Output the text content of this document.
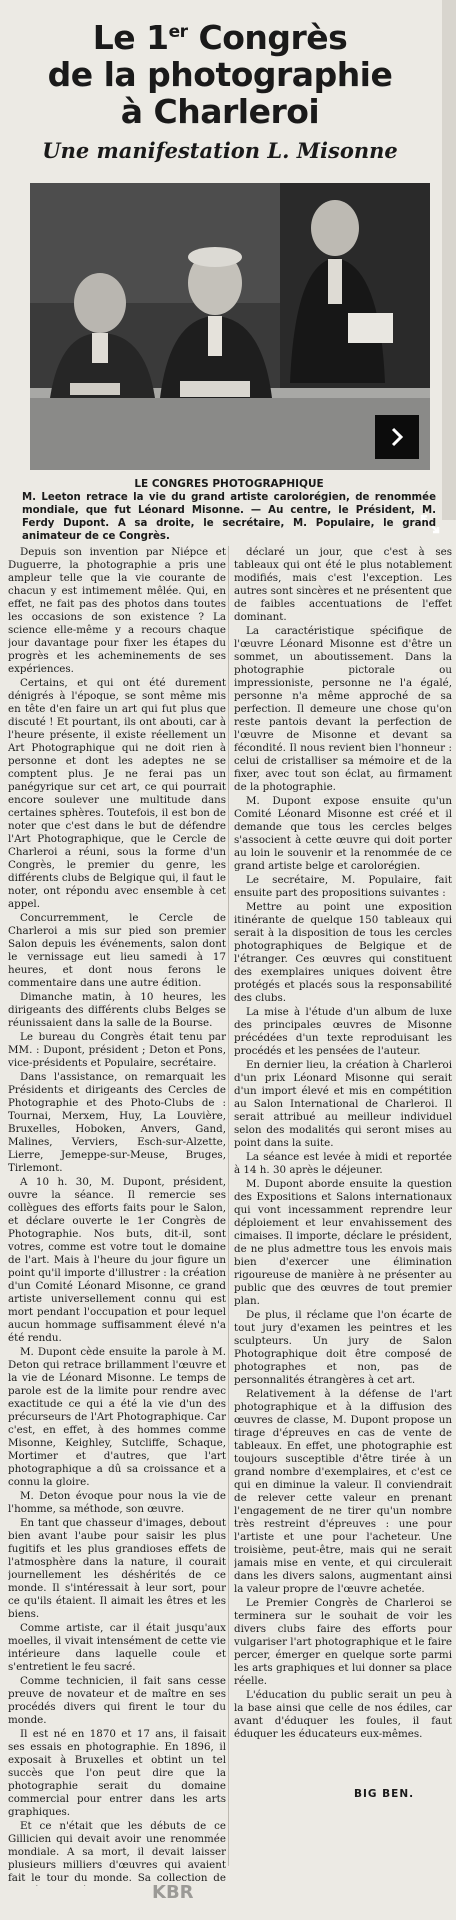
Le 1er Congrès
de la photographie
à Charleroi
Une manifestation L. Misonne
LE CONGRES PHOTOGRAPHIQUE
M. Leeton retrace la vie du grand artiste carolorégien, de renommée mondiale, que fut Léonard Misonne. — Au centre, le Président, M. Ferdy Dupont. A sa droite, le secrétaire, M. Populaire, le grand animateur de ce Congrès.

Depuis son invention par Niépce et Duguerre, la photographie a pris une ampleur telle que la vie courante de chacun y est intimement mêlée. Qui, en effet, ne fait pas des photos dans toutes les occasions de son existence ? La science elle-même y a recours chaque jour davantage pour fixer les étapes du progrès et les acheminements de ses expériences.

Certains, et qui ont été durement dénigrés à l'époque, se sont même mis en tête d'en faire un art qui fut plus que discuté ! Et pourtant, ils ont abouti, car à l'heure présente, il existe réellement un Art Photographique qui ne doit rien à personne et dont les adeptes ne se comptent plus. Je ne ferai pas un panégyrique sur cet art, ce qui pourrait encore soulever une multitude dans certaines sphères. Toutefois, il est bon de noter que c'est dans le but de défendre l'Art Photographique, que le Cercle de Charleroi a réuni, sous la forme d'un Congrès, le premier du genre, les différents clubs de Belgique qui, il faut le noter, ont répondu avec ensemble à cet appel.

Concurremment, le Cercle de Charleroi a mis sur pied son premier Salon depuis les événements, salon dont le vernissage eut lieu samedi à 17 heures, et dont nous ferons le commentaire dans une autre édition.

Dimanche matin, à 10 heures, les dirigeants des différents clubs Belges se réunissaient dans la salle de la Bourse.

Le bureau du Congrès était tenu par MM. : Dupont, président ; Deton et Pons, vice-présidents et Populaire, secrétaire.

Dans l'assistance, on remarquait les Présidents et dirigeants des Cercles de Photographie et des Photo-Clubs de : Tournai, Merxem, Huy, La Louvière, Bruxelles, Hoboken, Anvers, Gand, Malines, Verviers, Esch-sur-Alzette, Lierre, Jemeppe-sur-Meuse, Bruges, Tirlemont.

A 10 h. 30, M. Dupont, président, ouvre la séance. Il remercie ses collègues des efforts faits pour le Salon, et déclare ouverte le 1er Congrès de Photographie. Nos buts, dit-il, sont votres, comme est votre tout le domaine de l'art. Mais à l'heure du jour figure un point qu'il importe d'illustrer : la création d'un Comité Léonard Misonne, ce grand artiste universellement connu qui est mort pendant l'occupation et pour lequel aucun hommage suffisamment élevé n'a été rendu.

M. Dupont cède ensuite la parole à M. Deton qui retrace brillamment l'œuvre et la vie de Léonard Misonne. Le temps de parole est de la limite pour rendre avec exactitude ce qui a été la vie d'un des précurseurs de l'Art Photographique. Car c'est, en effet, à des hommes comme Misonne, Keighley, Sutcliffe, Schaque, Mortimer et d'autres, que l'art photographique a dû sa croissance et a connu la gloire.

M. Deton évoque pour nous la vie de l'homme, sa méthode, son œuvre.

En tant que chasseur d'images, debout bien avant l'aube pour saisir les plus fugitifs et les plus grandioses effets de l'atmosphère dans la nature, il courait journellement les déshérités de ce monde. Il s'intéressait à leur sort, pour ce qu'ils étaient. Il aimait les êtres et les biens.

Comme artiste, car il était jusqu'aux moelles, il vivait intensément de cette vie intérieure dans laquelle coule et s'entretient le feu sacré.

Comme technicien, il fait sans cesse preuve de novateur et de maître en ses procédés divers qui firent le tour du monde.

Il est né en 1870 et 17 ans, il faisait ses essais en photographie. En 1896, il exposait à Bruxelles et obtint un tel succès que l'on peut dire que la photographie serait du domaine commercial pour entrer dans les arts graphiques.

Et ce n'était que les débuts de ce Gillicien qui devait avoir une renommée mondiale. A sa mort, il devait laisser plusieurs milliers d'œuvres qui avaient fait le tour du monde. Sa collection de

déclaré un jour, que c'est à ses tableaux qui ont été le plus notablement modifiés, mais c'est l'exception. Les autres sont sincères et ne présentent que de faibles accentuations de l'effet dominant.

La caractéristique spécifique de l'œuvre Léonard Misonne est d'être un sommet, un aboutissement. Dans la photographie pictorale ou impressioniste, personne ne l'a égalé, personne n'a même approché de sa perfection. Il demeure une chose qu'on reste pantois devant la perfection de l'œuvre de Misonne et devant sa fécondité. Il nous revient bien l'honneur : celui de cristalliser sa mémoire et de la fixer, avec tout son éclat, au firmament de la photographie.

M. Dupont expose ensuite qu'un Comité Léonard Misonne est créé et il demande que tous les cercles belges s'associent à cette œuvre qui doit porter au loin le souvenir et la renommée de ce grand artiste belge et carolorégien.

Le secrétaire, M. Populaire, fait ensuite part des propositions suivantes :

Mettre au point une exposition itinérante de quelque 150 tableaux qui serait à la disposition de tous les cercles photographiques de Belgique et de l'étranger. Ces œuvres qui constituent des exemplaires uniques doivent être protégés et placés sous la responsabilité des clubs.

La mise à l'étude d'un album de luxe des principales œuvres de Misonne précédées d'un texte reproduisant les procédés et les pensées de l'auteur.

En dernier lieu, la création à Charleroi d'un prix Léonard Misonne qui serait d'un import élevé et mis en compétition au Salon International de Charleroi. Il serait attribué au meilleur individuel selon des modalités qui seront mises au point dans la suite.

La séance est levée à midi et reportée à 14 h. 30 après le déjeuner.

M. Dupont aborde ensuite la question des Expositions et Salons internationaux qui vont incessamment reprendre leur déploiement et leur envahissement des cimaises. Il importe, déclare le président, de ne plus admettre tous les envois mais bien d'exercer une élimination rigoureuse de manière à ne présenter au public que des œuvres de tout premier plan.

De plus, il réclame que l'on écarte de tout jury d'examen les peintres et les sculpteurs. Un jury de Salon Photographique doit être composé de photographes et non, pas de personnalités étrangères à cet art.

Relativement à la défense de l'art photographique et à la diffusion des œuvres de classe, M. Dupont propose un tirage d'épreuves en cas de vente de tableaux. En effet, une photographie est toujours susceptible d'être tirée à un grand nombre d'exemplaires, et c'est ce qui en diminue la valeur. Il conviendrait de relever cette valeur en prenant l'engagement de ne tirer qu'un nombre très restreint d'épreuves : une pour l'artiste et une pour l'acheteur. Une troisième, peut-être, mais qui ne serait jamais mise en vente, et qui circulerait dans les divers salons, augmentant ainsi la valeur propre de l'œuvre achetée.

Le Premier Congrès de Charleroi se terminera sur le souhait de voir les divers clubs faire des efforts pour vulgariser l'art photographique et le faire percer, émerger en quelque sorte parmi les arts graphiques et lui donner sa place réelle.

L'éducation du public serait un peu à la base ainsi que celle de nos édiles, car avant d'éduquer les foules, il faut éduquer les éducateurs eux-mêmes.

BIG BEN.
KBR
